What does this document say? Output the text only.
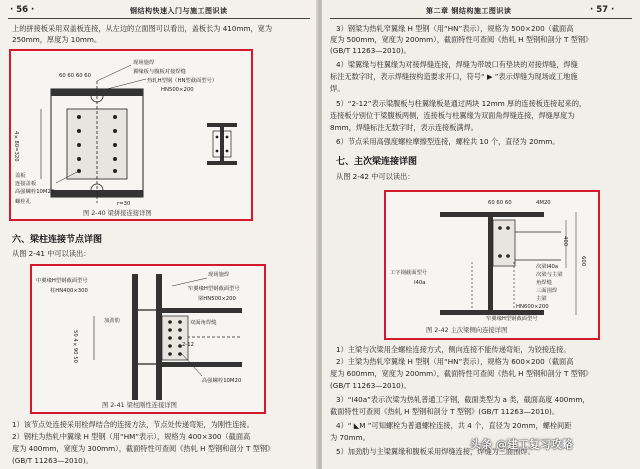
· 56 ·	钢结构快速入门与施工图识读
上的拼接板采用双盖板连接，从左边的立面图可以看出，盖板长为 410mm，宽为
250mm，厚度为 10mm。
现场施焊
60 60 60 60
翼缘板与腹板对接焊缝
热轧H型钢（HN型截面型号）
HN500×200
4×80=320
盖板
连接盖板
高强螺栓10M22
螺栓孔	r=30
图 2-40 梁拼接连接详图
六、梁柱连接节点详图
从图 2-41 中可以读出：
现场施焊
中翼缘H型钢截面型号
柱HN400×300	窄翼缘H型钢截面型号
梁HN500×200
加劲肋	双面角焊缝
2-12
50 4×90 50
高强螺栓10M20
图 2-41 梁柱刚性连接详图
1）该节点处连接采用栓焊结合的连接方法，节点处传递弯矩，为刚性连接。
2）钢柱为热轧中翼缘 H 型钢（用“HM”表示），规格为 400×300（截面高
度为 400mm，宽度为 300mm），截面特性可查阅《热轧 H 型钢和剖分 T 型钢》
(GB/T 11263—2010)。
第二章 钢结构施工图识读	· 57 ·
3）钢梁为热轧窄翼缘 H 型钢（用“HN”表示），规格为 500×200（截面高
度为 500mm，宽度为 200mm），截面特性可查阅《热轧 H 型钢和剖分 T 型钢》
(GB/T 11263—2010)。
4）梁翼缘与柱翼缘为对接焊缝连接，焊缝为带坡口有垫块的对接焊缝，焊缝
标注无数字时，表示焊缝按构造要求开口，符号“ ▶ ”表示焊缝为现场或工地施
焊。
5）“2-12”表示梁腹板与柱翼缘板是通过两块 12mm 厚的连接板连接起来的，
连接板分别位于梁腹板两侧，连接板与柱翼缘为双面角焊缝连接，焊缝厚度为
8mm，焊缝标注无数字时，表示连接板满焊。
6）节点采用高强度螺栓摩擦型连接，螺栓共 10 个，直径为 20mm。
七、主次梁连接详图
从图 2-42 中可以读出：
60 60 60	4M20
400
600
工字钢截面型号
I40a
次梁I40a
次梁与主梁
角焊缝
三面围焊
主梁
HN600×200
窄翼缘H型钢截面型号
图 2-42 主次梁侧向连接详图
1）主梁与次梁用全螺栓连接方式，侧向连接不能传递弯矩，为铰接连接。
2）主梁为热轧窄翼缘 H 型钢（用“HN”表示），规格为 600×200（截面高
度为 600mm，宽度为 200mm），截面特性可查阅《热轧 H 型钢和剖分 T 型钢》
(GB/T 11263—2010)。
3）“I40a”表示次梁为热轧普通工字钢，截面类型为 a 类，截面高度 400mm，
截面特性可查阅《热轧 H 型钢和剖分 T 型钢》(GB/T 11263—2010)。
4）“ ◣M ”可知螺栓为普通螺栓连接，共 4 个，直径为 20mm，螺栓间距
为 70mm。
5）加劲肋与主梁翼缘和腹板采用焊缝连接，焊缝为三面围焊。
头条 @建工复习攻略
